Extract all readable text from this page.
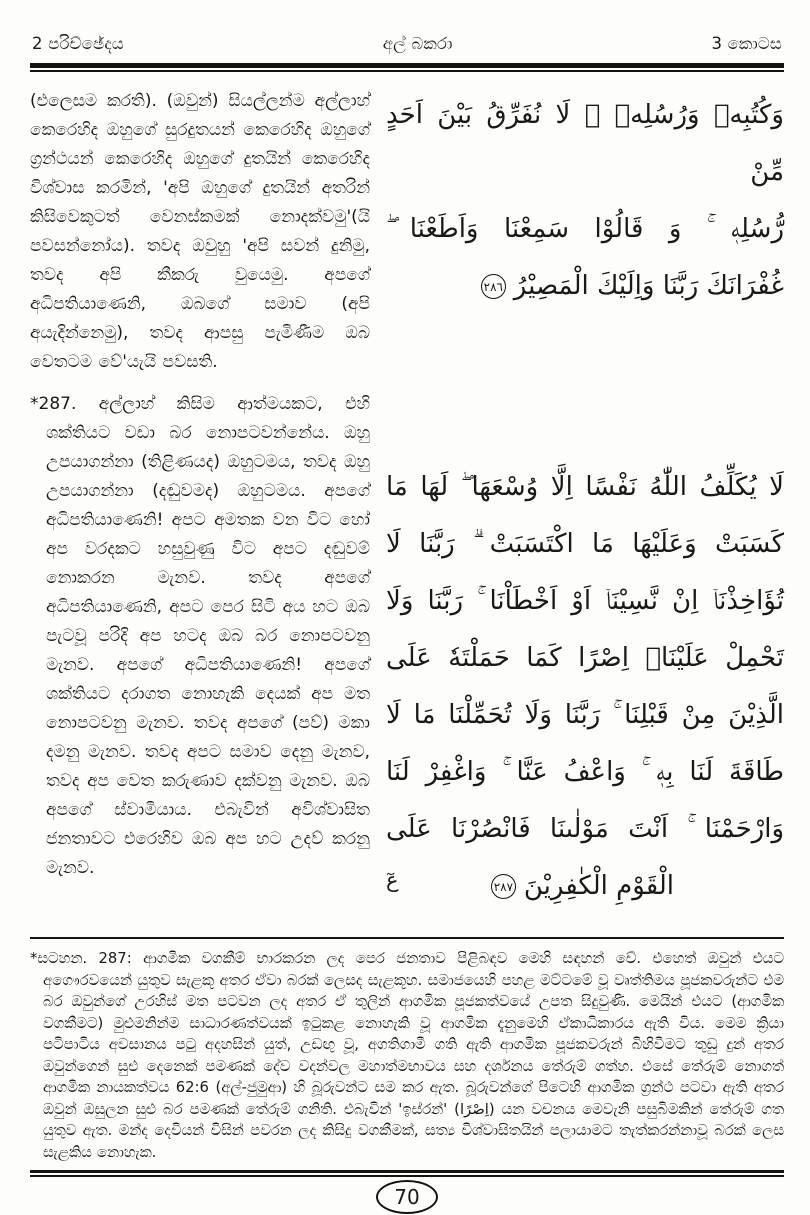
2 පරිච්ඡේදය	අල් බකරා	3 කොටස

(එලෙසම කරති). (ඔවුන්) සියල්ලන්ම අල්ලාහ් කෙරෙහිද ඔහුගේ සුරදුතයන් කෙරෙහිද ඔහුගේ ග්‍රන්ථයන් කෙරෙහිද ඔහුගේ දුතයින් කෙරෙහිද විශ්වාස කරමින්, 'අපි ඔහුගේ දුතයින් අතරින් කිසිවෙකුටත් වෙනස්කමක් නොදක්වමු'(යි පවසන්නෝය). තවද ඔවුහු 'අපි සවන් දුනිමු, තවද අපි කීකරු වුයෙමු. අපගේ අධිපතියාණෙනි, ඔබගේ සමාව (අපි අයැදින්නෙමු), තවද ආපසු පැමිණීම ඔබ වෙතටම වේ'යැයි පවසති.

*287. අල්ලාහ් කිසිම ආත්මයකට, එහි ශක්තියට වඩා බර නොපටවන්නේය. ඔහු උපයාගන්නා (තිළිණයද) ඔහුටමය, තවද ඔහු උපයාගන්නා (දඬුවමද) ඔහුටමය. අපගේ අධිපතියාණෙනි! අපට අමතක වන විට හෝ අප වරදකට හසුවුණු විට අපට දඬුවම් නොකරන මැනව. තවද අපගේ අධිපතියාණෙනි, අපට පෙර සිටි අය හට ඔබ පැටවූ පරිදි අප හටද ඔබ බර නොපටවනු මැනව. අපගේ අධිපතියාණෙනි! අපගේ ශක්තියට දරාගත නොහැකි දෙයක් අප මත නොපටවනු මැනව. තවද අපගේ (පව්) මකා දමනු මැනව. තවද අපට සමාව දෙනු මැනව, තවද අප වෙත කරුණාව දක්වනු මැනව. ඔබ අපගේ ස්වාමියාය. එබැවින් අවිශ්වාසිත ජනතාවට එරෙහිව ඔබ අප හට උදව් කරනු මැනව.

وَكُتُبِهٖ وَرُسُلِهٖ ۚ لَا نُفَرِّقُ بَيْنَ اَحَدٍ مِّنْ
رُّسُلِهٖ ۚ وَ قَالُوْا سَمِعْنَا وَاَطَعْنَا ۖ
غُفْرَانَكَ رَبَّنَا وَاِلَيْكَ الْمَصِيْرُ٢٨٦
لَا يُكَلِّفُ اللّٰهُ نَفْسًا اِلَّا وُسْعَهَا ۖ لَهَا مَا
كَسَبَتْ وَعَلَيْهَا مَا اكْتَسَبَتْ ۗ رَبَّنَا لَا
تُؤَاخِذْنَاۤ اِنْ نَّسِيْنَاۤ اَوْ اَخْطَاْنَا ۚ رَبَّنَا وَلَا
تَحْمِلْ عَلَيْنَاۤ اِصْرًا كَمَا حَمَلْتَهٗ عَلَى
الَّذِيْنَ مِنْ قَبْلِنَا ۚ رَبَّنَا وَلَا تُحَمِّلْنَا مَا لَا
طَاقَةَ لَنَا بِهٖ ۚ وَاعْفُ عَنَّا ۚ وَاغْفِرْ لَنَا
وَارْحَمْنَا ۚ اَنْتَ مَوْلٰىنَا فَانْصُرْنَا عَلَى
الْقَوْمِ الْكٰفِرِيْنَ
٢٨٧
عٓ

*සටහන. 287: ආගමික වගකීම් භාරකරන ලද පෙර ජනතාව පිළිබඳව මෙහි සඳහන් වේ. එහෙත් ඔවුන් එයට අගෞරවයෙන් යුතුව සැළකූ අතර ඒවා බරක් ලෙසද සැළකූහ. සමාජයෙහි පහළ මට්ටමේ වූ වෘත්තිමය පූජකවරුන්ට එම බර ඔවුන්ගේ උරහිස් මත පටවන ලද අතර ඒ තුලින් ආගමික පූජකත්වයේ උපත සිදුවුණි. මෙයින් එයට (ආගමික වගකීමට) මුළුමනින්ම සාධාරණත්වයක් ඉටුකළ නොහැකි වූ ආගමික දැනුමෙහි ඒකාධිකාරය ඇති විය. මෙම ක්‍රියා පටිපාටිය අවසානය පටු අදහසින් යුත්, උඩඟු වූ, අගතිගාමී ගති ඇති ආගමික පූජකවරුන් බිහිවීමට තුඩු දුන් අතර ඔවුන්ගෙන් සුළු දෙනෙක් පමණක් දේව වදන්වල මහාත්මභාවය සහ දර්ශනය තේරුම් ගත්හ. එසේ තේරුම් නොගත් ආගමික නායකත්වය 62:6 (අල්-ජුමුආ) හි බූරුවන්ට සම කර ඇත. බූරුවන්ගේ පිටෙහි ආගමික ග්‍රන්ථ පටවා ඇති අතර ඔවුන් ඔසුලන සුළු බර පමණක් තේරුම් ගනිති. එබැවින් 'ඉස්රන්' (اِصْرًا) යන වචනය මෙවැනි පසුබිමකින් තේරුම් ගත යුතුව ඇත. මන්ද දෙවියන් විසින් පවරන ලද කිසිදු වගකීමක්, සත්‍ය විශ්වාසිතයින් පලායාමට තැත්කරන්නාවූ බරක් ලෙස සැළකිය නොහැක.

70
